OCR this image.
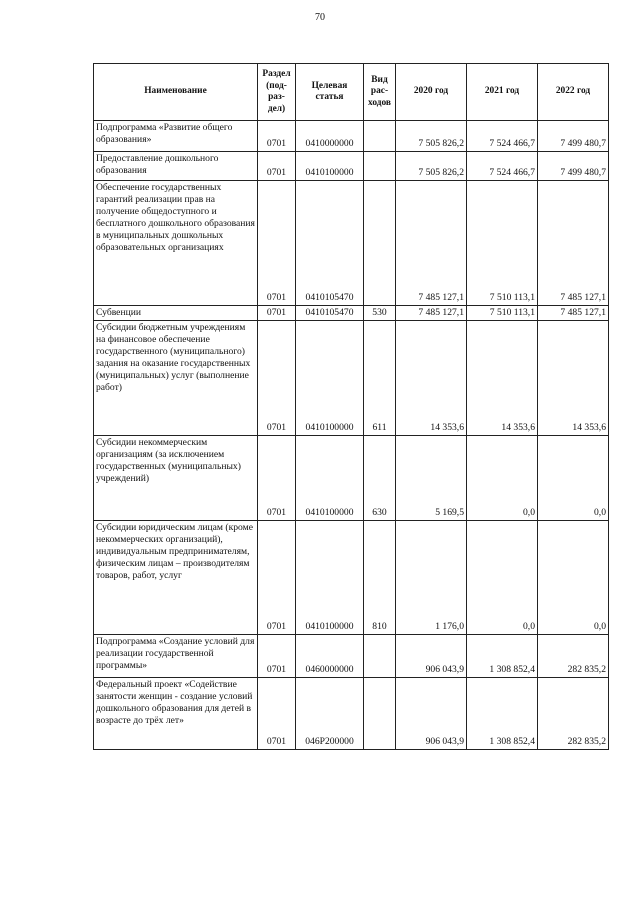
70
Наименование	Раздел (под-раз-дел)	Целевая статья	Вид рас-ходов	2020 год	2021 год	2022 год
Подпрограмма «Развитие общего образования»	0701	0410000000		7 505 826,2	7 524 466,7	7 499 480,7
Предоставление дошкольного образования	0701	0410100000		7 505 826,2	7 524 466,7	7 499 480,7
Обеспечение государственных гарантий реализации прав на получение общедоступного и бесплатного дошкольного образования в муниципальных дошкольных образовательных организациях	0701	0410105470		7 485 127,1	7 510 113,1	7 485 127,1
Субвенции	0701	0410105470	530	7 485 127,1	7 510 113,1	7 485 127,1
Субсидии бюджетным учреждениям на финансовое обеспечение государственного (муниципального) задания на оказание государственных (муниципальных) услуг (выполнение работ)	0701	0410100000	611	14 353,6	14 353,6	14 353,6
Субсидии некоммерческим организациям (за исключением государственных (муниципальных) учреждений)	0701	0410100000	630	5 169,5	0,0	0,0
Субсидии юридическим лицам (кроме некоммерческих организаций), индивидуальным предпринимателям, физическим лицам – производителям товаров, работ, услуг	0701	0410100000	810	1 176,0	0,0	0,0
Подпрограмма «Создание условий для реализации государственной программы»	0701	0460000000		906 043,9	1 308 852,4	282 835,2
Федеральный проект «Содействие занятости женщин - создание условий дошкольного образования для детей в возрасте до трёх лет»	0701	046P200000		906 043,9	1 308 852,4	282 835,2
